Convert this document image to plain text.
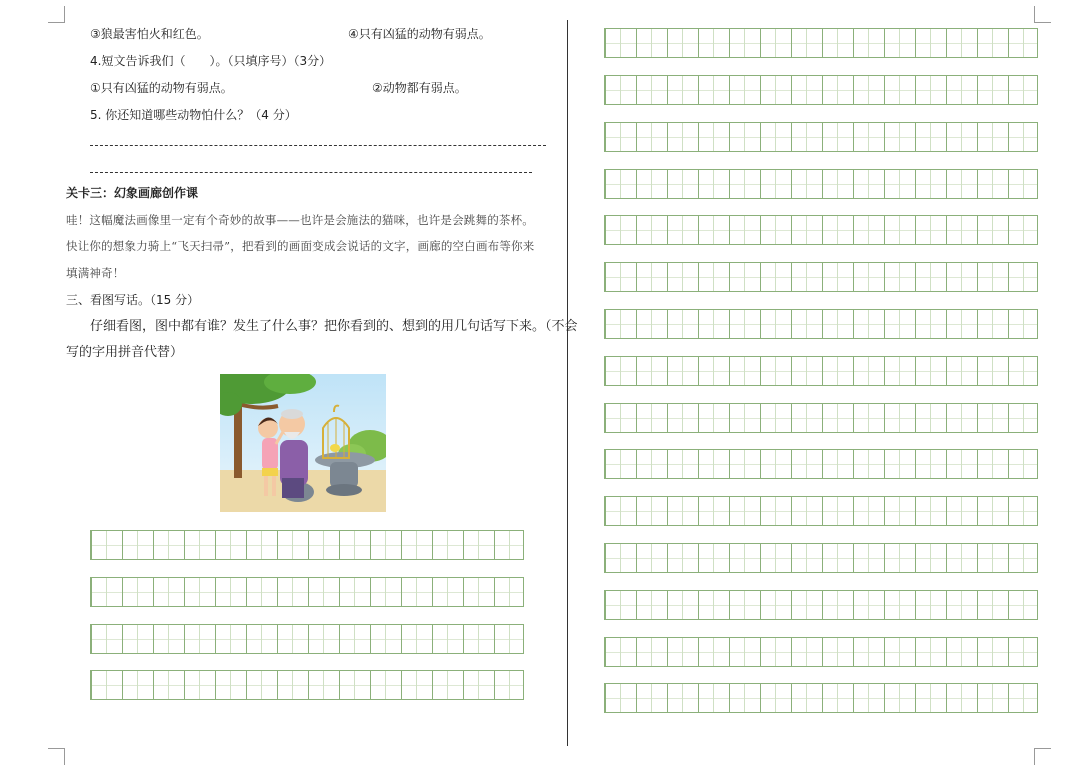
③狼最害怕火和红色。	④只有凶猛的动物有弱点。
4.短文告诉我们（　　）。（只填序号）（3分）
①只有凶猛的动物有弱点。	②动物都有弱点。
5. 你还知道哪些动物怕什么？（4 分）
关卡三：幻象画廊创作课
哇！这幅魔法画像里一定有个奇妙的故事——也许是会施法的猫咪，也许是会跳舞的茶杯。
快让你的想象力骑上“飞天扫帚”，把看到的画面变成会说话的文字，画廊的空白画布等你来
填满神奇！
三、看图写话。（15 分）
仔细看图，图中都有谁？发生了什么事？把你看到的、想到的用几句话写下来。（不会
写的字用拼音代替）
